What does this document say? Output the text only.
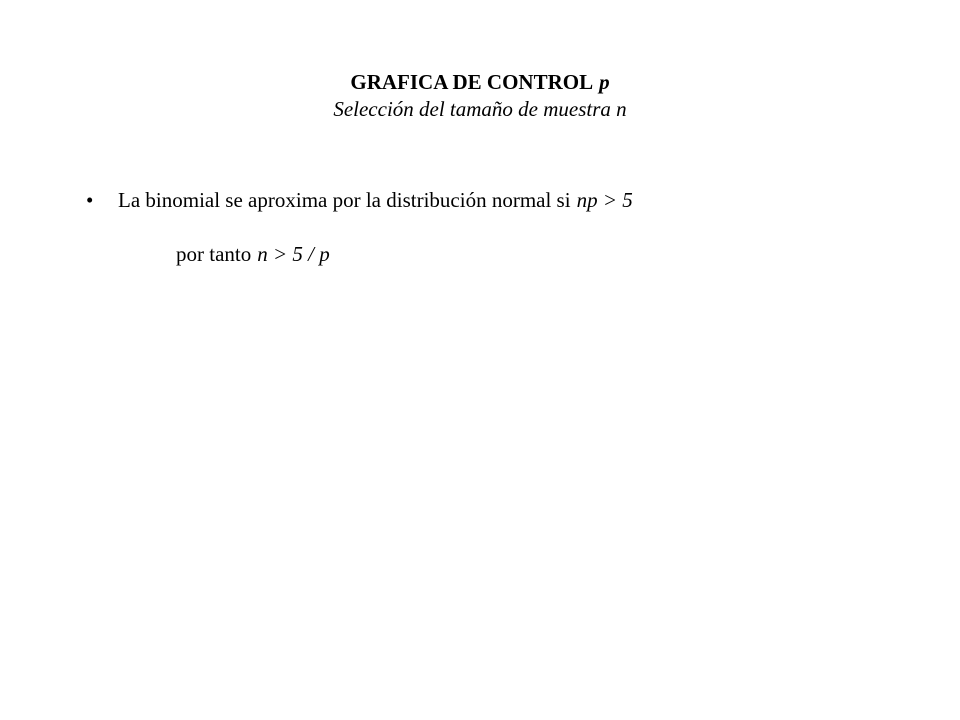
GRAFICA DE CONTROL p
Selección del tamaño de muestra n
• La binomial se aproxima por la distribución normal si np > 5
por tanto n > 5 / p
